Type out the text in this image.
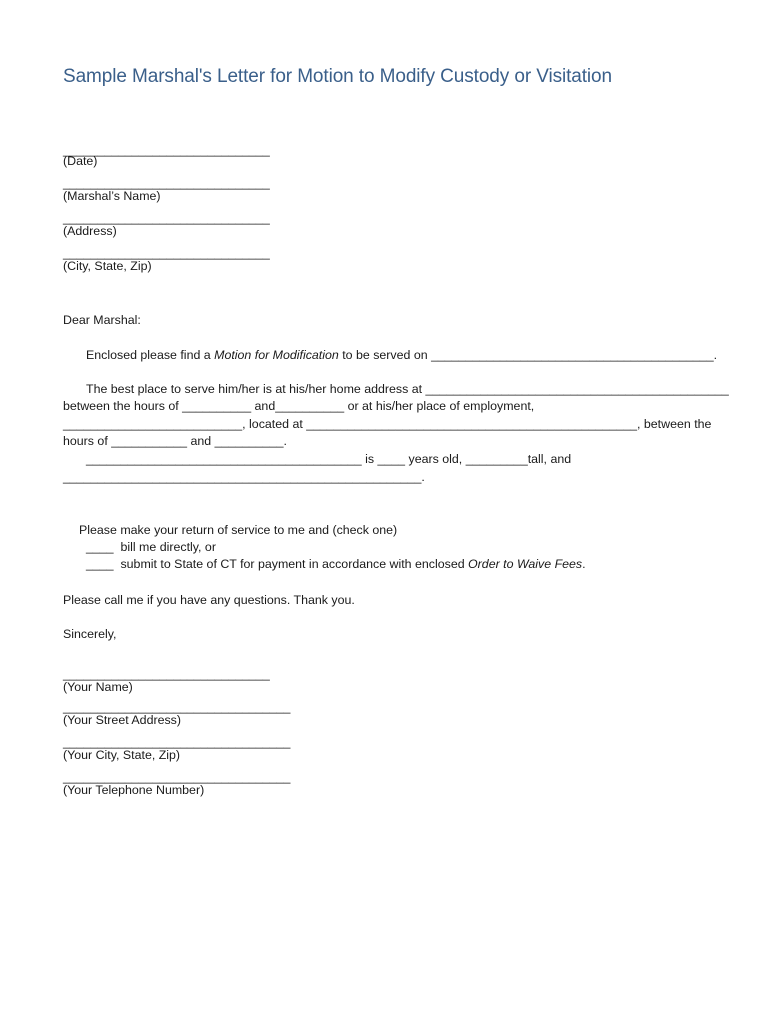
Sample Marshal's Letter for Motion to Modify Custody or Visitation
______________________________
(Date)
______________________________
(Marshal’s Name)
______________________________
(Address)
______________________________
(City, State, Zip)
Dear Marshal:
Enclosed please find a Motion for Modification to be served on _________________________________________.
The best place to serve him/her is at his/her home address at ____________________________________________
between the hours of __________ and__________ or at his/her place of employment,
__________________________, located at ________________________________________________, between the
hours of ___________ and __________.
________________________________________ is ____ years old, _________tall, and
____________________________________________________.
Please make your return of service to me and (check one)
____ bill me directly, or
____ submit to State of CT for payment in accordance with enclosed Order to Waive Fees.
Please call me if you have any questions. Thank you.
Sincerely,
______________________________
(Your Name)
_________________________________
(Your Street Address)
_________________________________
(Your City, State, Zip)
_________________________________
(Your Telephone Number)
